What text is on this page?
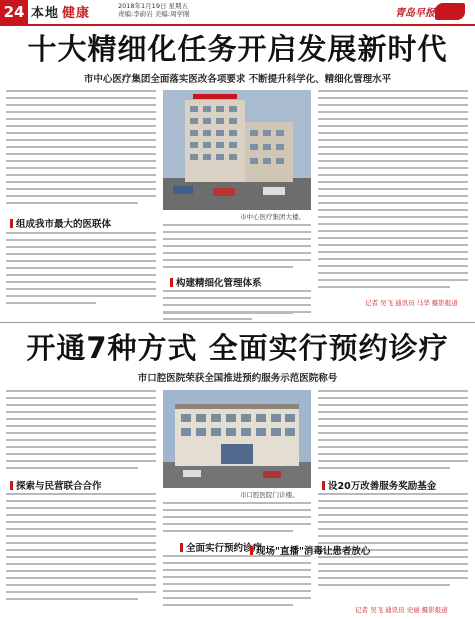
24 本地 健康	2018年1月19日 星期五
责编:李蔚岩 美编:周学刚	青岛早报
十大精细化任务开启发展新时代
市中心医疗集团全面落实医改各项要求 不断提升科学化、精细化管理水平
组成我市最大的医联体
市中心医疗集团大楼。
构建精细化管理体系
记者 吴飞 通讯员 马华 摄影报道
开通7种方式 全面实行预约诊疗
市口腔医院荣获全国推进预约服务示范医院称号
探索与民营联合合作
市口腔医院门诊楼。
全面实行预约诊疗
设20万改善服务奖励基金
记者 吴飞 通讯员 史丽 摄影报道
现场"直播"消毒让患者放心
